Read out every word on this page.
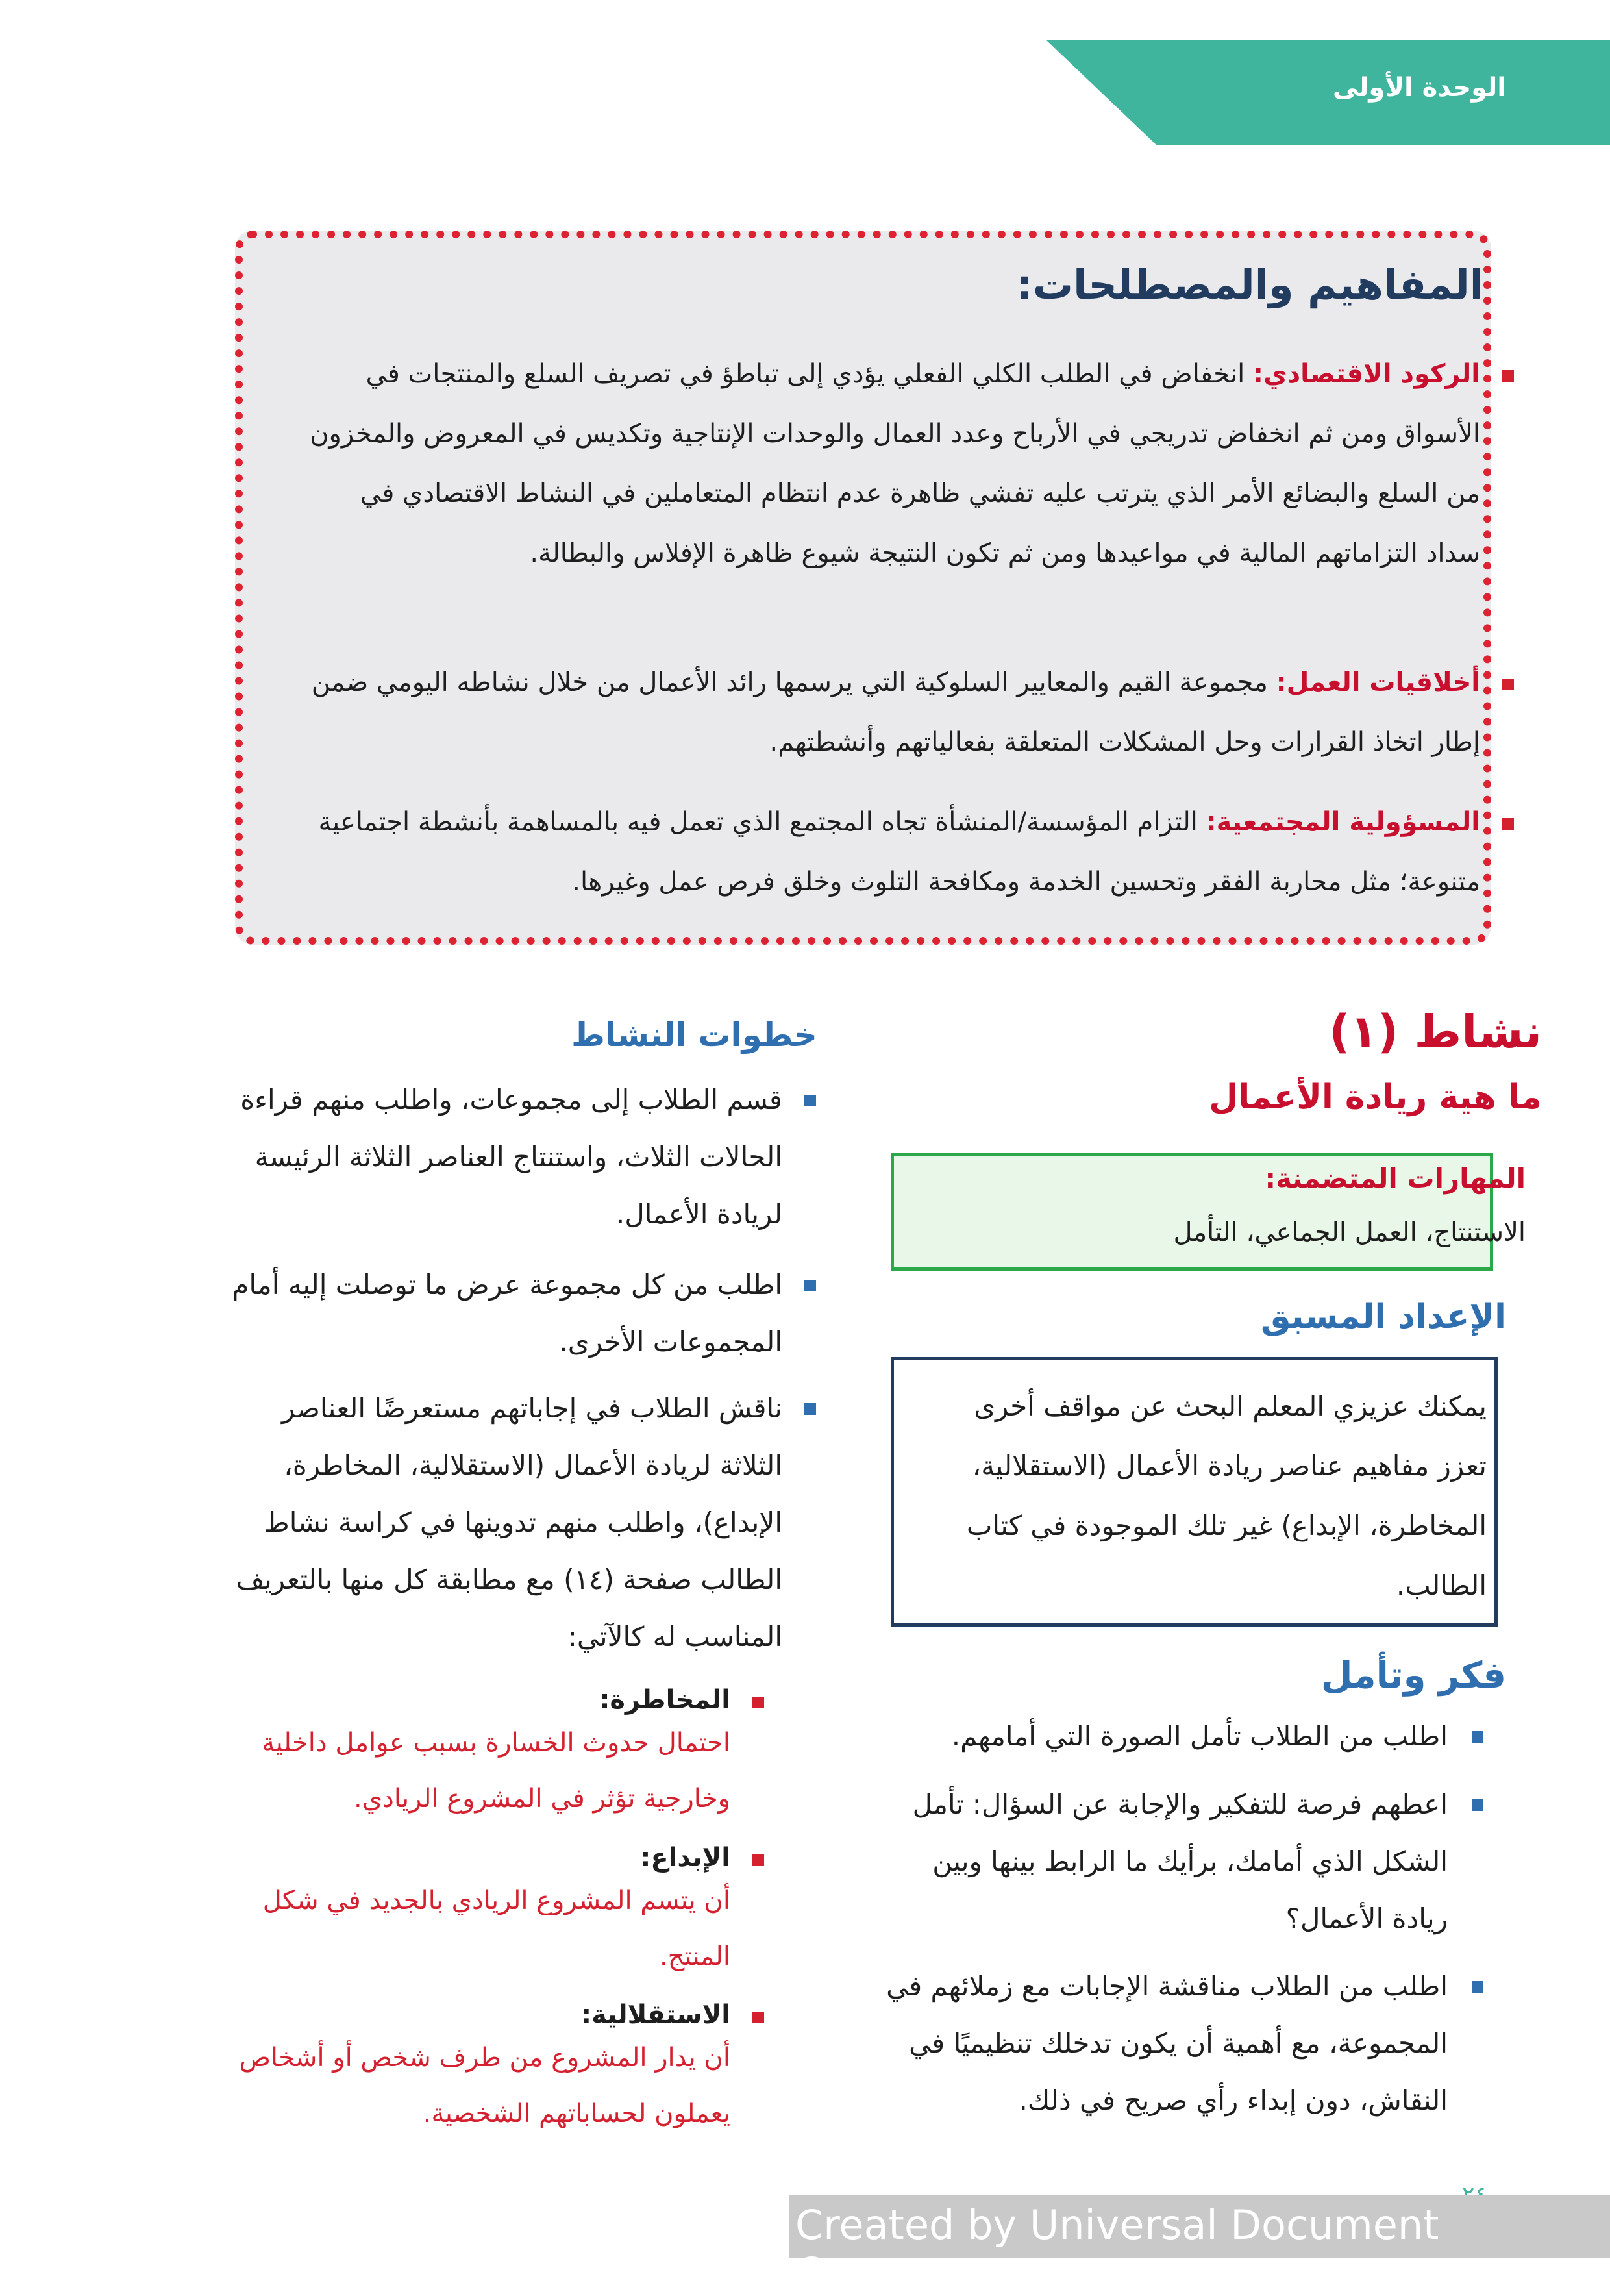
الوحدة الأولى
المفاهيم والمصطلحات:
الركود الاقتصادي: انخفاض في الطلب الكلي الفعلي يؤدي إلى تباطؤ في تصريف السلع والمنتجات في الأسواق ومن ثم انخفاض تدريجي في الأرباح وعدد العمال والوحدات الإنتاجية وتكديس في المعروض والمخزون من السلع والبضائع الأمر الذي يترتب عليه تفشي ظاهرة عدم انتظام المتعاملين في النشاط الاقتصادي في سداد التزاماتهم المالية في مواعيدها ومن ثم تكون النتيجة شيوع ظاهرة الإفلاس والبطالة.
أخلاقيات العمل: مجموعة القيم والمعايير السلوكية التي يرسمها رائد الأعمال من خلال نشاطه اليومي ضمن إطار اتخاذ القرارات وحل المشكلات المتعلقة بفعالياتهم وأنشطتهم.
المسؤولية المجتمعية: التزام المؤسسة/المنشأة تجاه المجتمع الذي تعمل فيه بالمساهمة بأنشطة اجتماعية متنوعة؛ مثل محاربة الفقر وتحسين الخدمة ومكافحة التلوث وخلق فرص عمل وغيرها.
نشاط (١)
ما هية ريادة الأعمال
المهارات المتضمنة:
الاستنتاج، العمل الجماعي، التأمل
الإعداد المسبق
يمكنك عزيزي المعلم البحث عن مواقف أخرى تعزز مفاهيم عناصر ريادة الأعمال (الاستقلالية، المخاطرة، الإبداع) غير تلك الموجودة في كتاب الطالب.
فكر وتأمل
اطلب من الطلاب تأمل الصورة التي أمامهم.
اعطهم فرصة للتفكير والإجابة عن السؤال: تأمل الشكل الذي أمامك، برأيك ما الرابط بينها وبين ريادة الأعمال؟
اطلب من الطلاب مناقشة الإجابات مع زملائهم في المجموعة، مع أهمية أن يكون تدخلك تنظيميًا في النقاش، دون إبداء رأي صريح في ذلك.
خطوات النشاط
قسم الطلاب إلى مجموعات، واطلب منهم قراءة الحالات الثلاث، واستنتاج العناصر الثلاثة الرئيسة لريادة الأعمال.
اطلب من كل مجموعة عرض ما توصلت إليه أمام المجموعات الأخرى.
ناقش الطلاب في إجاباتهم مستعرضًا العناصر الثلاثة لريادة الأعمال (الاستقلالية، المخاطرة، الإبداع)، واطلب منهم تدوينها في كراسة نشاط الطالب صفحة (١٤) مع مطابقة كل منها بالتعريف المناسب له كالآتي:
المخاطرة:
احتمال حدوث الخسارة بسبب عوامل داخلية وخارجية تؤثر في المشروع الريادي.
الإبداع:
أن يتسم المشروع الريادي بالجديد في شكل المنتج.
الاستقلالية:
أن يدار المشروع من طرف شخص أو أشخاص يعملون لحساباتهم الشخصية.
Created by Universal Document Converter
